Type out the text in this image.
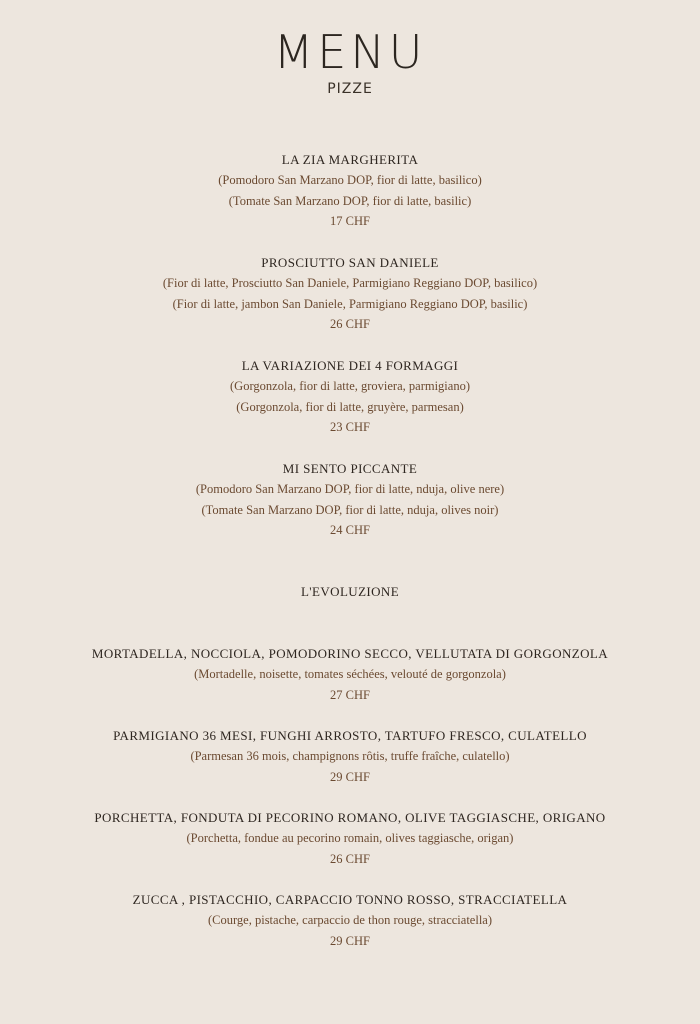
MENU
PIZZE
LA ZIA MARGHERITA
(Pomodoro San Marzano DOP, fior di latte, basilico)
(Tomate San Marzano DOP, fior di latte, basilic)
17 CHF
PROSCIUTTO SAN DANIELE
(Fior di latte, Prosciutto San Daniele, Parmigiano Reggiano DOP, basilico)
(Fior di latte, jambon San Daniele, Parmigiano Reggiano DOP, basilic)
26 CHF
LA VARIAZIONE DEI 4 FORMAGGI
(Gorgonzola, fior di latte, groviera, parmigiano)
(Gorgonzola, fior di latte, gruyère, parmesan)
23 CHF
MI SENTO PICCANTE
(Pomodoro San Marzano DOP, fior di latte, nduja, olive nere)
(Tomate San Marzano DOP, fior di latte, nduja, olives noir)
24 CHF
L'EVOLUZIONE
MORTADELLA, NOCCIOLA, POMODORINO SECCO, VELLUTATA DI GORGONZOLA
(Mortadelle, noisette, tomates séchées, velouté de gorgonzola)
27 CHF
PARMIGIANO 36 MESI, FUNGHI ARROSTO, TARTUFO FRESCO, CULATELLO
(Parmesan 36 mois, champignons rôtis, truffe fraîche, culatello)
29 CHF
PORCHETTA, FONDUTA DI PECORINO ROMANO, OLIVE TAGGIASCHE, ORIGANO
(Porchetta, fondue au pecorino romain, olives taggiasche, origan)
26 CHF
ZUCCA , PISTACCHIO, CARPACCIO TONNO ROSSO, STRACCIATELLA
(Courge, pistache, carpaccio de thon rouge, stracciatella)
29 CHF
